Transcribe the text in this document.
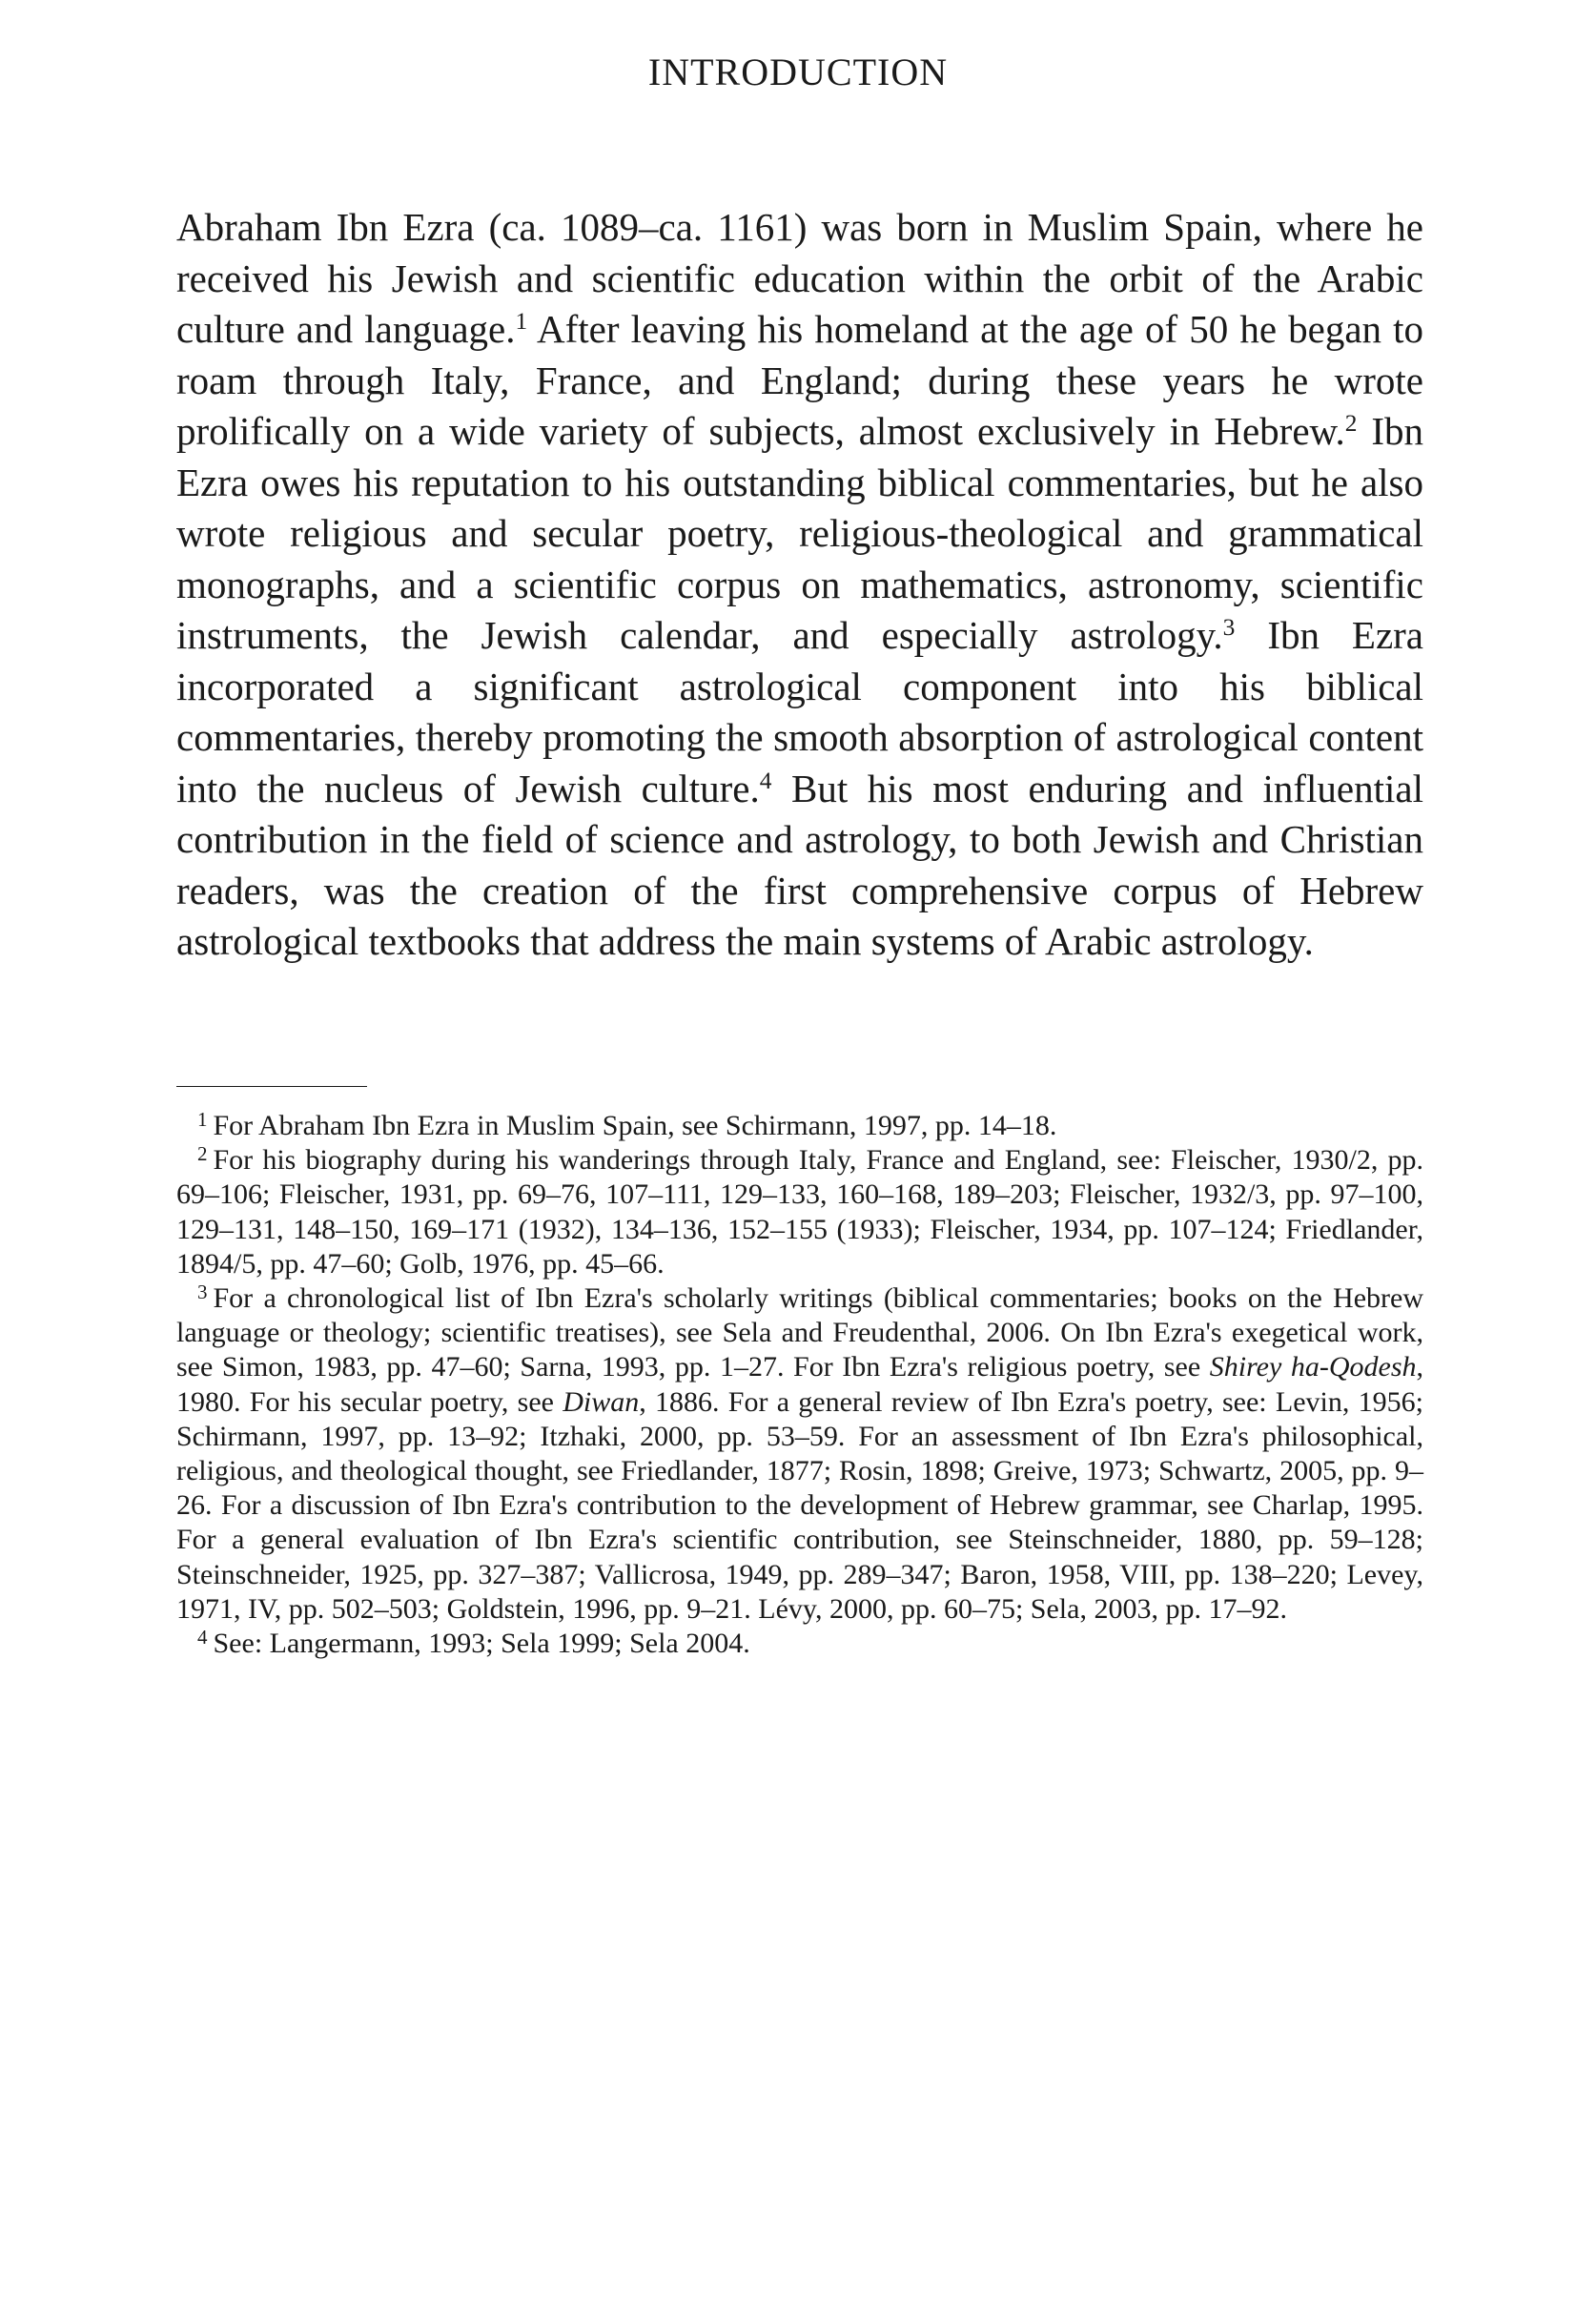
INTRODUCTION

Abraham Ibn Ezra (ca. 1089–ca. 1161) was born in Muslim Spain, where he received his Jewish and scientific education within the orbit of the Arabic culture and language.$^1$ After leaving his homeland at the age of 50 he began to roam through Italy, France, and England; during these years he wrote prolifically on a wide variety of subjects, almost exclusively in Hebrew.$^2$ Ibn Ezra owes his reputation to his outstanding biblical commentaries, but he also wrote religious and secular poetry, religious-theological and grammatical monographs, and a scientific corpus on mathematics, astronomy, scientific instruments, the Jewish calendar, and especially astrology.$^3$ Ibn Ezra incorporated a significant astrological component into his biblical commentaries, thereby promoting the smooth absorption of astrological content into the nucleus of Jewish culture.$^4$ But his most enduring and influential contribution in the field of science and astrology, to both Jewish and Christian readers, was the creation of the first comprehensive corpus of Hebrew astrological textbooks that address the main systems of Arabic astrology.

$^1$ For Abraham Ibn Ezra in Muslim Spain, see Schirmann, 1997, pp. 14–18.

$^2$ For his biography during his wanderings through Italy, France and England, see: Fleischer, 1930/2, pp. 69–106; Fleischer, 1931, pp. 69–76, 107–111, 129–133, 160–168, 189–203; Fleischer, 1932/3, pp. 97–100, 129–131, 148–150, 169–171 (1932), 134–136, 152–155 (1933); Fleischer, 1934, pp. 107–124; Friedlander, 1894/5, pp. 47–60; Golb, 1976, pp. 45–66.

$^3$ For a chronological list of Ibn Ezra's scholarly writings (biblical commentaries; books on the Hebrew language or theology; scientific treatises), see Sela and Freudenthal, 2006. On Ibn Ezra's exegetical work, see Simon, 1983, pp. 47–60; Sarna, 1993, pp. 1–27. For Ibn Ezra's religious poetry, see Shirey ha-Qodesh, 1980. For his secular poetry, see Diwan, 1886. For a general review of Ibn Ezra's poetry, see: Levin, 1956; Schirmann, 1997, pp. 13–92; Itzhaki, 2000, pp. 53–59. For an assessment of Ibn Ezra's philosophical, religious, and theological thought, see Friedlander, 1877; Rosin, 1898; Greive, 1973; Schwartz, 2005, pp. 9–26. For a discussion of Ibn Ezra's contribution to the development of Hebrew grammar, see Charlap, 1995. For a general evaluation of Ibn Ezra's scientific contribution, see Steinschneider, 1880, pp. 59–128; Steinschneider, 1925, pp. 327–387; Vallicrosa, 1949, pp. 289–347; Baron, 1958, VIII, pp. 138–220; Levey, 1971, IV, pp. 502–503; Goldstein, 1996, pp. 9–21. Lévy, 2000, pp. 60–75; Sela, 2003, pp. 17–92.

$^4$ See: Langermann, 1993; Sela 1999; Sela 2004.
